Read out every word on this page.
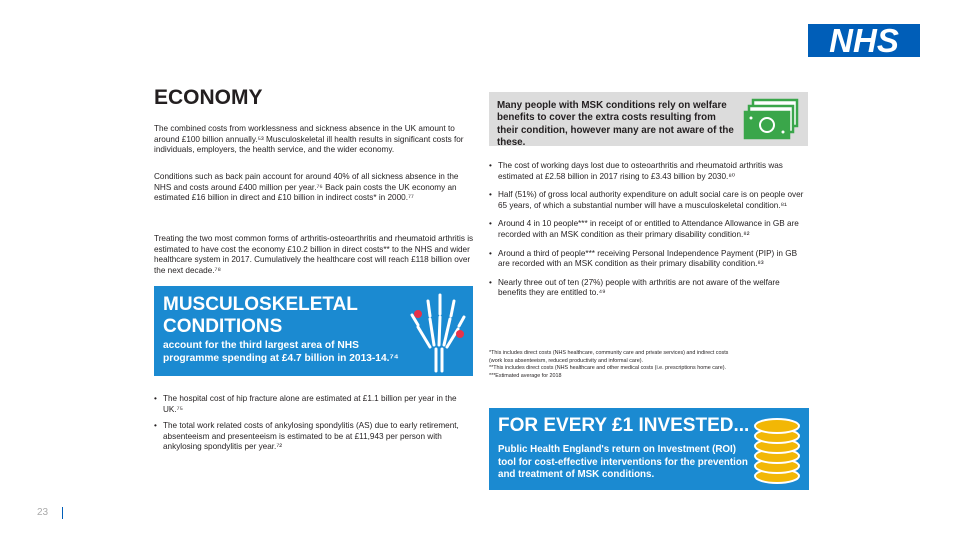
NHS
ECONOMY

The combined costs from worklessness and sickness absence in the UK amount to around £100 billion annually.⁵³ Musculoskeletal ill health results in significant costs for individuals, employers, the health service, and the wider economy.

Conditions such as back pain account for around 40% of all sickness absence in the NHS and costs around £400 million per year.⁷⁶ Back pain costs the UK economy an estimated £16 billion in direct and £10 billion in indirect costs* in 2000.⁷⁷

Treating the two most common forms of arthritis-osteoarthritis and rheumatoid arthritis is estimated to have cost the economy £10.2 billion in direct costs** to the NHS and wider healthcare system in 2017. Cumulatively the healthcare cost will reach £118 billion over the next decade.⁷⁸

MUSCULOSKELETAL CONDITIONS
account for the third largest area of NHS programme spending at £4.7 billion in 2013-14.⁷⁴
• The hospital cost of hip fracture alone are estimated at £1.1 billion per year in the UK.⁷⁵
• The total work related costs of ankylosing spondylitis (AS) due to early retirement, absenteeism and presenteeism is estimated to be at £11,943 per person with ankylosing spondylitis per year.⁷²
Many people with MSK conditions rely on welfare benefits to cover the extra costs resulting from their condition, however many are not aware of the these.
• The cost of working days lost due to osteoarthritis and rheumatoid arthritis was estimated at £2.58 billion in 2017 rising to £3.43 billion by 2030.⁸⁰
• Half (51%) of gross local authority expenditure on adult social care is on people over 65 years, of which a substantial number will have a musculoskeletal condition.⁸¹
• Around 4 in 10 people*** in receipt of or entitled to Attendance Allowance in GB are recorded with an MSK condition as their primary disability condition.⁸²
• Around a third of people*** receiving Personal Independence Payment (PIP) in GB are recorded with an MSK condition as their primary disability condition.⁸³
• Nearly three out of ten (27%) people with arthritis are not aware of the welfare benefits they are entitled to.⁴⁹
*This includes direct costs (NHS healthcare, community care and private services) and indirect costs
(work loss absenteeism, reduced productivity and informal care).
**This includes direct costs (NHS healthcare and other medical costs (i.e. prescriptions home care).
***Estimated average for 2018
FOR EVERY £1 INVESTED...
Public Health England's return on Investment (ROI) tool for cost-effective interventions for the prevention and treatment of MSK conditions.
23
